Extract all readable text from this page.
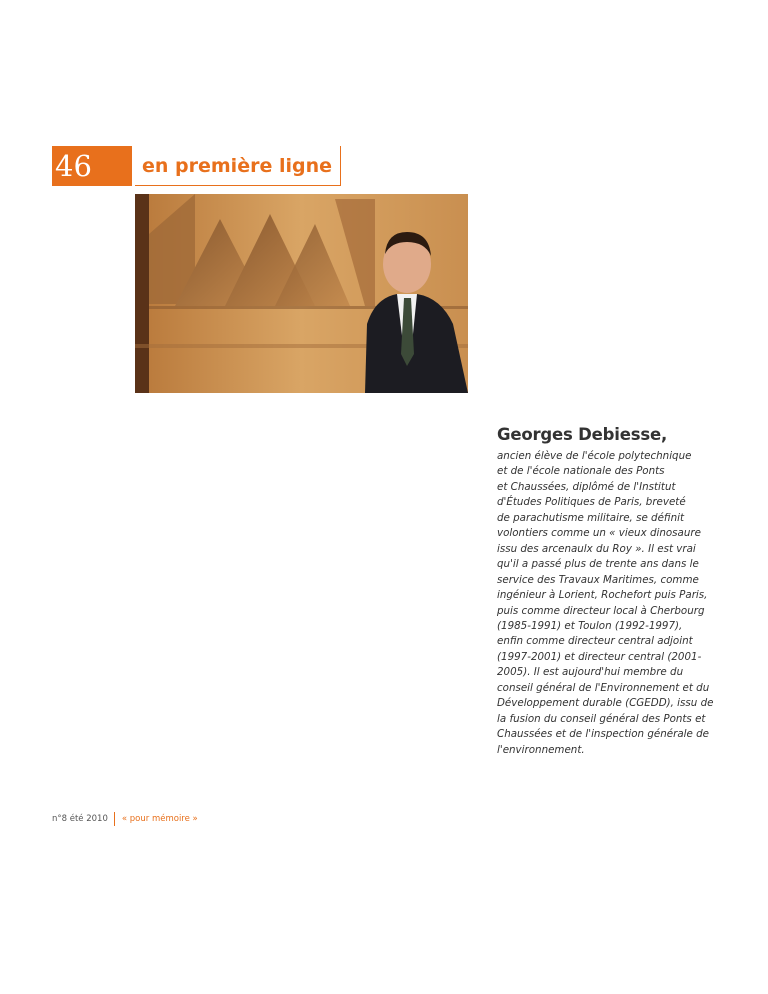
46	en première ligne
Georges Debiesse,
ancien élève de l'école polytechnique
et de l'école nationale des Ponts
et Chaussées, diplômé de l'Institut
d'Études Politiques de Paris, breveté
de parachutisme militaire, se définit
volontiers comme un « vieux dinosaure
issu des arcenaulx du Roy ». Il est vrai
qu'il a passé plus de trente ans dans le
service des Travaux Maritimes, comme
ingénieur à Lorient, Rochefort puis Paris,
puis comme directeur local à Cherbourg
(1985-1991) et Toulon (1992-1997),
enfin comme directeur central adjoint
(1997-2001) et directeur central (2001-
2005). Il est aujourd'hui membre du
conseil général de l'Environnement et du
Développement durable (CGEDD), issu de
la fusion du conseil général des Ponts et
Chaussées et de l'inspection générale de
l'environnement.
n°8 été 2010 « pour mémoire »
